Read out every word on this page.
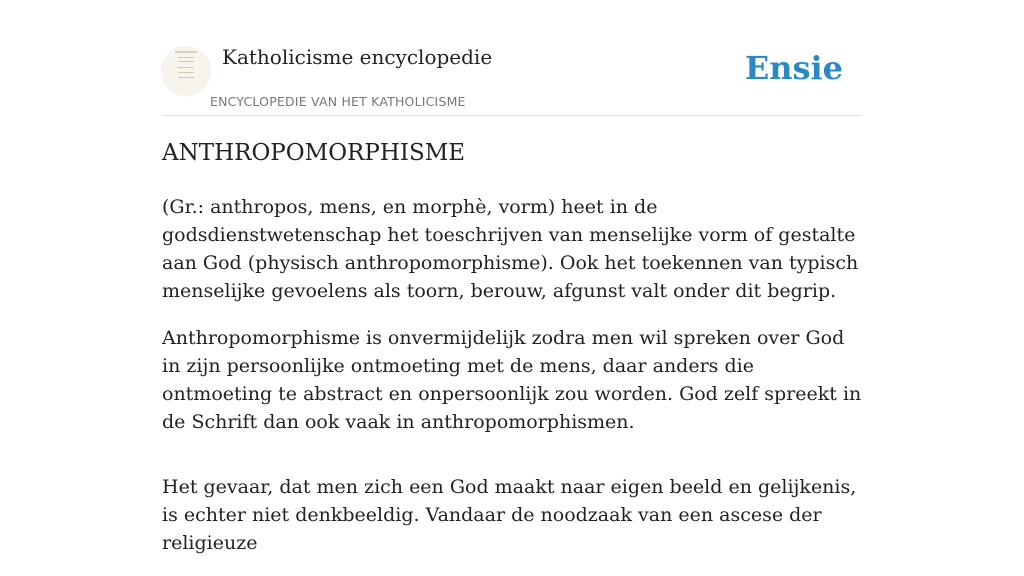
Katholicisme encyclopedie
ENCYCLOPEDIE VAN HET KATHOLICISME
Ensie
ANTHROPOMORPHISME

(Gr.: anthropos, mens, en morphè, vorm) heet in de godsdienstwetenschap het toeschrijven van menselijke vorm of gestalte aan God (physisch anthropomorphisme). Ook het toekennen van typisch menselijke gevoelens als toorn, berouw, afgunst valt onder dit begrip.

Anthropomorphisme is onvermijdelijk zodra men wil spreken over God in zijn persoonlijke ontmoeting met de mens, daar anders die ontmoeting te abstract en onpersoonlijk zou worden. God zelf spreekt in de Schrift dan ook vaak in anthropomorphismen.

Het gevaar, dat men zich een God maakt naar eigen beeld en gelijkenis, is echter niet denkbeeldig. Vandaar de noodzaak van een ascese der religieuze
